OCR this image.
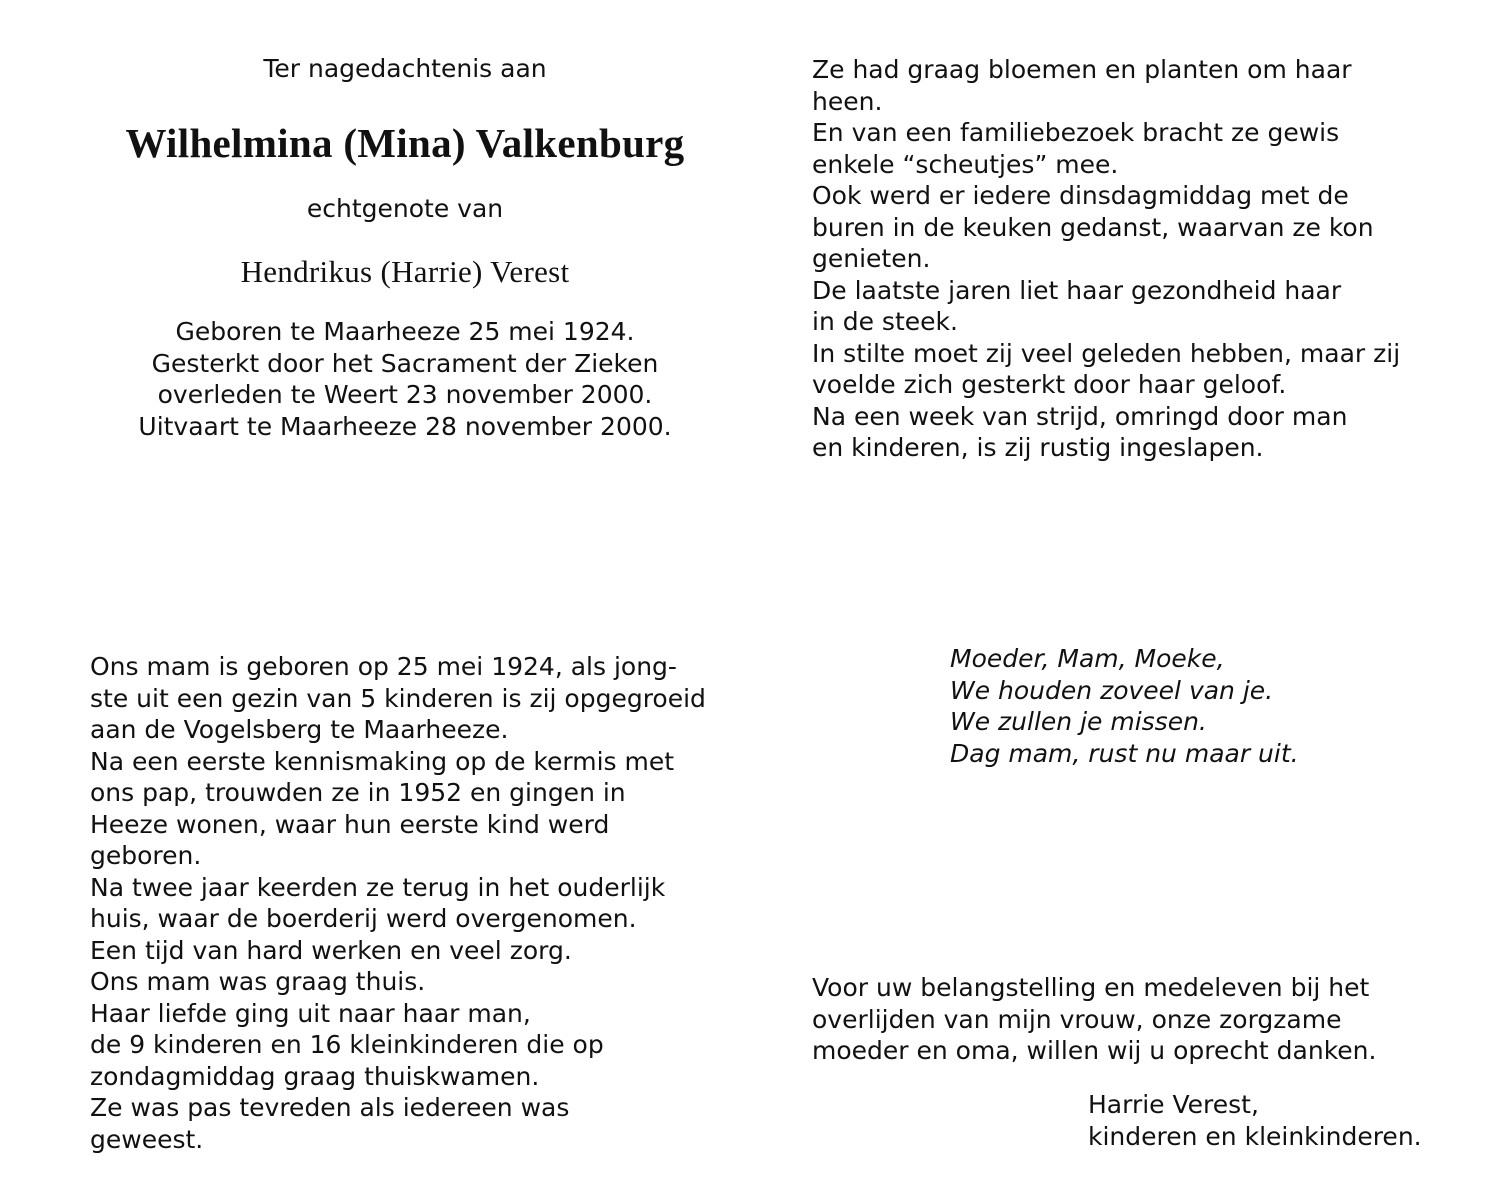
Ter nagedachtenis aan
Wilhelmina (Mina) Valkenburg
echtgenote van
Hendrikus (Harrie) Verest
Geboren te Maarheeze 25 mei 1924.
Gesterkt door het Sacrament der Zieken
overleden te Weert 23 november 2000.
Uitvaart te Maarheeze 28 november 2000.
Ze had graag bloemen en planten om haar
heen.
En van een familiebezoek bracht ze gewis
enkele “scheutjes” mee.
Ook werd er iedere dinsdagmiddag met de
buren in de keuken gedanst, waarvan ze kon
genieten.
De laatste jaren liet haar gezondheid haar
in de steek.
In stilte moet zij veel geleden hebben, maar zij
voelde zich gesterkt door haar geloof.
Na een week van strijd, omringd door man
en kinderen, is zij rustig ingeslapen.
Ons mam is geboren op 25 mei 1924, als jong-
ste uit een gezin van 5 kinderen is zij opgegroeid
aan de Vogelsberg te Maarheeze.
Na een eerste kennismaking op de kermis met
ons pap, trouwden ze in 1952 en gingen in
Heeze wonen, waar hun eerste kind werd
geboren.
Na twee jaar keerden ze terug in het ouderlijk
huis, waar de boerderij werd overgenomen.
Een tijd van hard werken en veel zorg.
Ons mam was graag thuis.
Haar liefde ging uit naar haar man,
de 9 kinderen en 16 kleinkinderen die op
zondagmiddag graag thuiskwamen.
Ze was pas tevreden als iedereen was
geweest.
Moeder, Mam, Moeke,
We houden zoveel van je.
We zullen je missen.
Dag mam, rust nu maar uit.
Voor uw belangstelling en medeleven bij het
overlijden van mijn vrouw, onze zorgzame
moeder en oma, willen wij u oprecht danken.
Harrie Verest,
kinderen en kleinkinderen.
